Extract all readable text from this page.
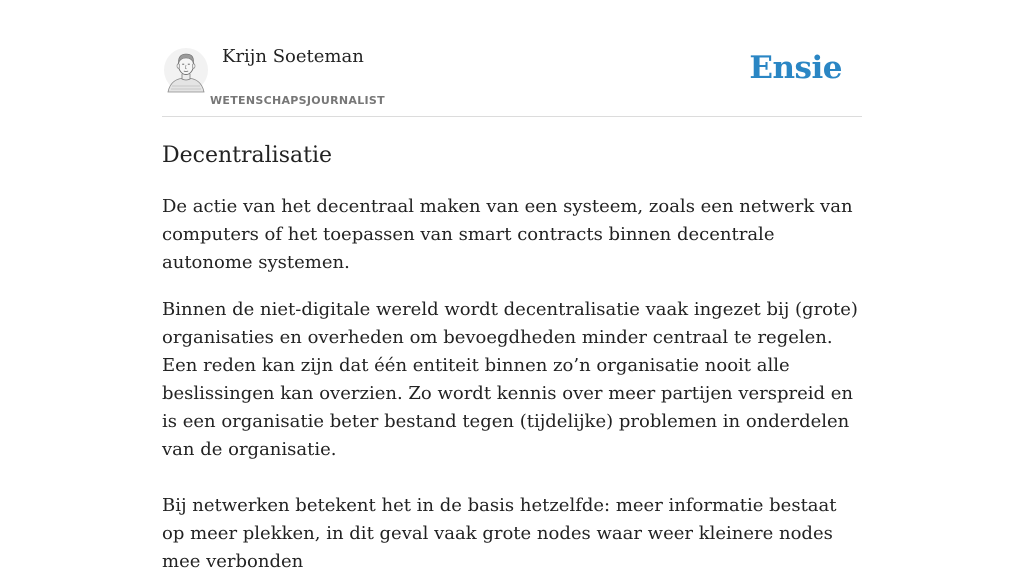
Krijn Soeteman
WETENSCHAPSJOURNALIST
Ensie
Decentralisatie

De actie van het decentraal maken van een systeem, zoals een netwerk van computers of het toepassen van smart contracts binnen decentrale autonome systemen.

Binnen de niet-digitale wereld wordt decentralisatie vaak ingezet bij (grote) organisaties en overheden om bevoegdheden minder centraal te regelen. Een reden kan zijn dat één entiteit binnen zo’n organisatie nooit alle beslissingen kan overzien. Zo wordt kennis over meer partijen verspreid en is een organisatie beter bestand tegen (tijdelijke) problemen in onderdelen van de organisatie.

Bij netwerken betekent het in de basis hetzelfde: meer informatie bestaat op meer plekken, in dit geval vaak grote nodes waar weer kleinere nodes mee verbonden
